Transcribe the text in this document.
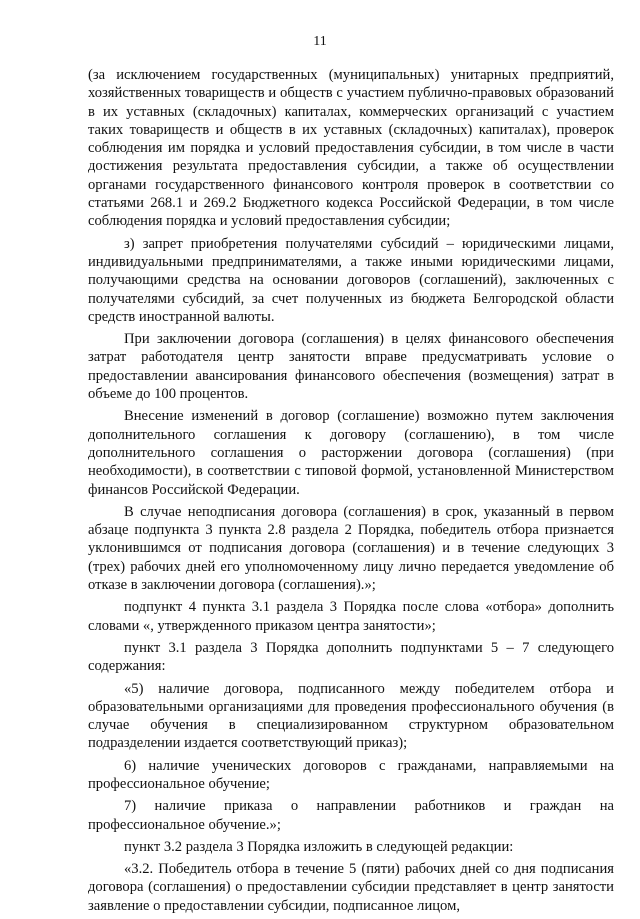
11

(за исключением государственных (муниципальных) унитарных предприятий, хозяйственных товариществ и обществ с участием публично-правовых образований в их уставных (складочных) капиталах, коммерческих организаций с участием таких товариществ и обществ в их уставных (складочных) капиталах), проверок соблюдения им порядка и условий предоставления субсидии, в том числе в части достижения результата предоставления субсидии, а также об осуществлении органами государственного финансового контроля проверок в соответствии со статьями 268.1 и 269.2 Бюджетного кодекса Российской Федерации, в том числе соблюдения порядка и условий предоставления субсидии;

з) запрет приобретения получателями субсидий – юридическими лицами, индивидуальными предпринимателями, а также иными юридическими лицами, получающими средства на основании договоров (соглашений), заключенных с получателями субсидий, за счет полученных из бюджета Белгородской области средств иностранной валюты.

При заключении договора (соглашения) в целях финансового обеспечения затрат работодателя центр занятости вправе предусматривать условие о предоставлении авансирования финансового обеспечения (возмещения) затрат в объеме до 100 процентов.

Внесение изменений в договор (соглашение) возможно путем заключения дополнительного соглашения к договору (соглашению), в том числе дополнительного соглашения о расторжении договора (соглашения) (при необходимости), в соответствии с типовой формой, установленной Министерством финансов Российской Федерации.

В случае неподписания договора (соглашения) в срок, указанный в первом абзаце подпункта 3 пункта 2.8 раздела 2 Порядка, победитель отбора признается уклонившимся от подписания договора (соглашения) и в течение следующих 3 (трех) рабочих дней его уполномоченному лицу лично передается уведомление об отказе в заключении договора (соглашения).»;

подпункт 4 пункта 3.1 раздела 3 Порядка после слова «отбора» дополнить словами «, утвержденного приказом центра занятости»;

пункт 3.1 раздела 3 Порядка дополнить подпунктами 5 – 7 следующего содержания:

«5) наличие договора, подписанного между победителем отбора и образовательными организациями для проведения профессионального обучения (в случае обучения в специализированном структурном образовательном подразделении издается соответствующий приказ);

6) наличие ученических договоров с гражданами, направляемыми на профессиональное обучение;

7) наличие приказа о направлении работников и граждан на профессиональное обучение.»;

пункт 3.2 раздела 3 Порядка изложить в следующей редакции:

«3.2. Победитель отбора в течение 5 (пяти) рабочих дней со дня подписания договора (соглашения) о предоставлении субсидии представляет в центр занятости заявление о предоставлении субсидии, подписанное лицом,
